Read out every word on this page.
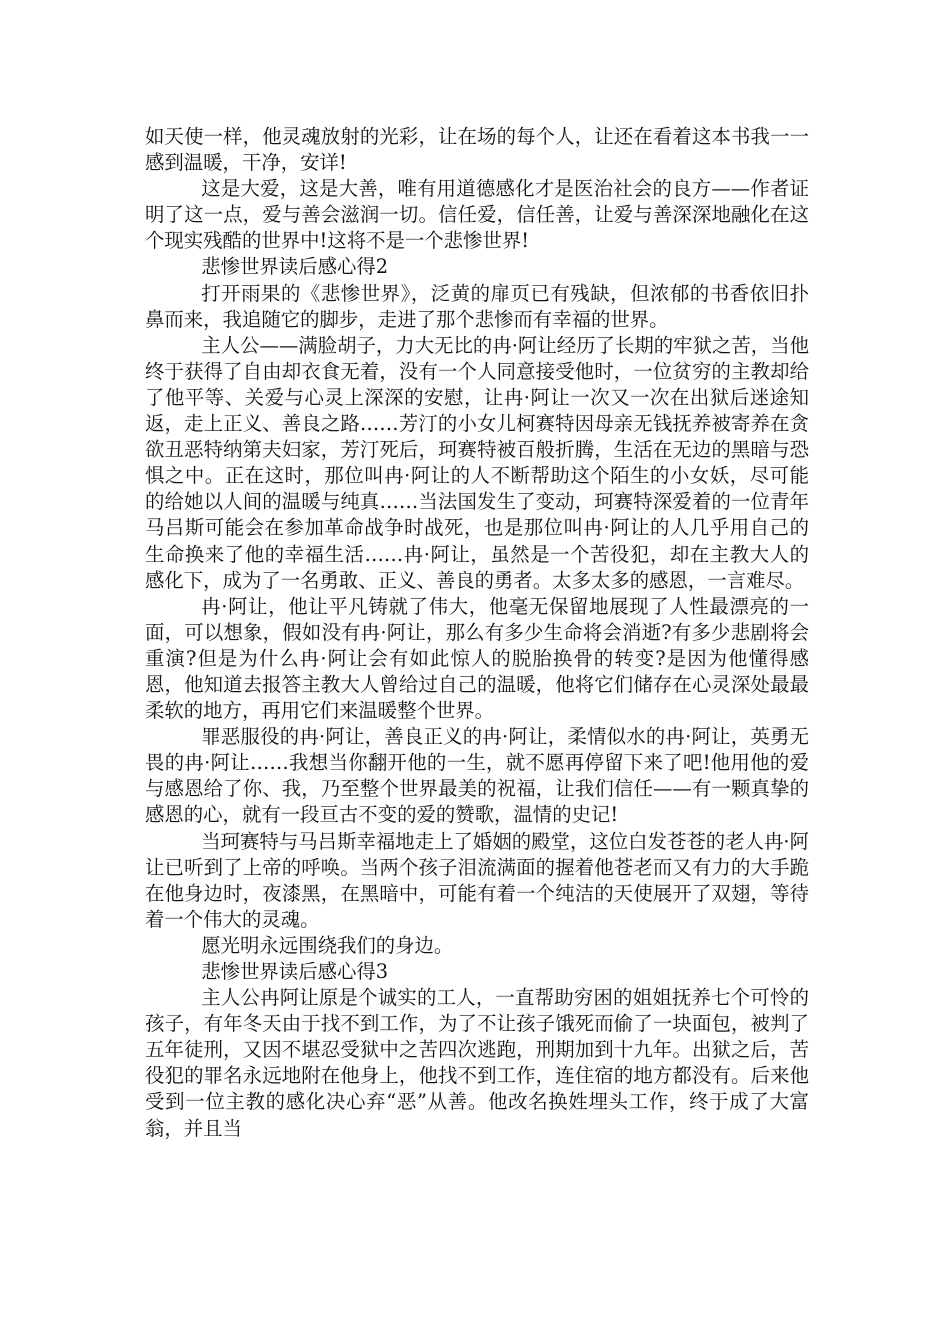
如天使一样，他灵魂放射的光彩，让在场的每个人，让还在看着这本书我一一感到温暖，干净，安详!

这是大爱，这是大善，唯有用道德感化才是医治社会的良方——作者证明了这一点，爱与善会滋润一切。信任爱，信任善，让爱与善深深地融化在这个现实残酷的世界中!这将不是一个悲惨世界!

悲惨世界读后感心得2

打开雨果的《悲惨世界》，泛黄的扉页已有残缺，但浓郁的书香依旧扑鼻而来，我追随它的脚步，走进了那个悲惨而有幸福的世界。

主人公——满脸胡子，力大无比的冉·阿让经历了长期的牢狱之苦，当他终于获得了自由却衣食无着，没有一个人同意接受他时，一位贫穷的主教却给了他平等、关爱与心灵上深深的安慰，让冉·阿让一次又一次在出狱后迷途知返，走上正义、善良之路……芳汀的小女儿柯赛特因母亲无钱抚养被寄养在贪欲丑恶特纳第夫妇家，芳汀死后，珂赛特被百般折腾，生活在无边的黑暗与恐惧之中。正在这时，那位叫冉·阿让的人不断帮助这个陌生的小女妖，尽可能的给她以人间的温暖与纯真……当法国发生了变动，珂赛特深爱着的一位青年马吕斯可能会在参加革命战争时战死，也是那位叫冉·阿让的人几乎用自己的生命换来了他的幸福生活……冉·阿让，虽然是一个苦役犯，却在主教大人的感化下，成为了一名勇敢、正义、善良的勇者。太多太多的感恩，一言难尽。

冉·阿让，他让平凡铸就了伟大，他毫无保留地展现了人性最漂亮的一面，可以想象，假如没有冉·阿让，那么有多少生命将会消逝?有多少悲剧将会重演?但是为什么冉·阿让会有如此惊人的脱胎换骨的转变?是因为他懂得感恩，他知道去报答主教大人曾给过自己的温暖，他将它们储存在心灵深处最最柔软的地方，再用它们来温暖整个世界。

罪恶服役的冉·阿让，善良正义的冉·阿让，柔情似水的冉·阿让，英勇无畏的冉·阿让……我想当你翻开他的一生，就不愿再停留下来了吧!他用他的爱与感恩给了你、我，乃至整个世界最美的祝福，让我们信任——有一颗真挚的感恩的心，就有一段亘古不变的爱的赞歌，温情的史记!

当珂赛特与马吕斯幸福地走上了婚姻的殿堂，这位白发苍苍的老人冉·阿让已听到了上帝的呼唤。当两个孩子泪流满面的握着他苍老而又有力的大手跪在他身边时，夜漆黑，在黑暗中，可能有着一个纯洁的天使展开了双翅，等待着一个伟大的灵魂。

愿光明永远围绕我们的身边。

悲惨世界读后感心得3

主人公冉阿让原是个诚实的工人，一直帮助穷困的姐姐抚养七个可怜的孩子，有年冬天由于找不到工作，为了不让孩子饿死而偷了一块面包，被判了五年徒刑，又因不堪忍受狱中之苦四次逃跑，刑期加到十九年。出狱之后，苦役犯的罪名永远地附在他身上，他找不到工作，连住宿的地方都没有。后来他受到一位主教的感化决心弃“恶”从善。他改名换姓埋头工作，终于成了大富翁，并且当
